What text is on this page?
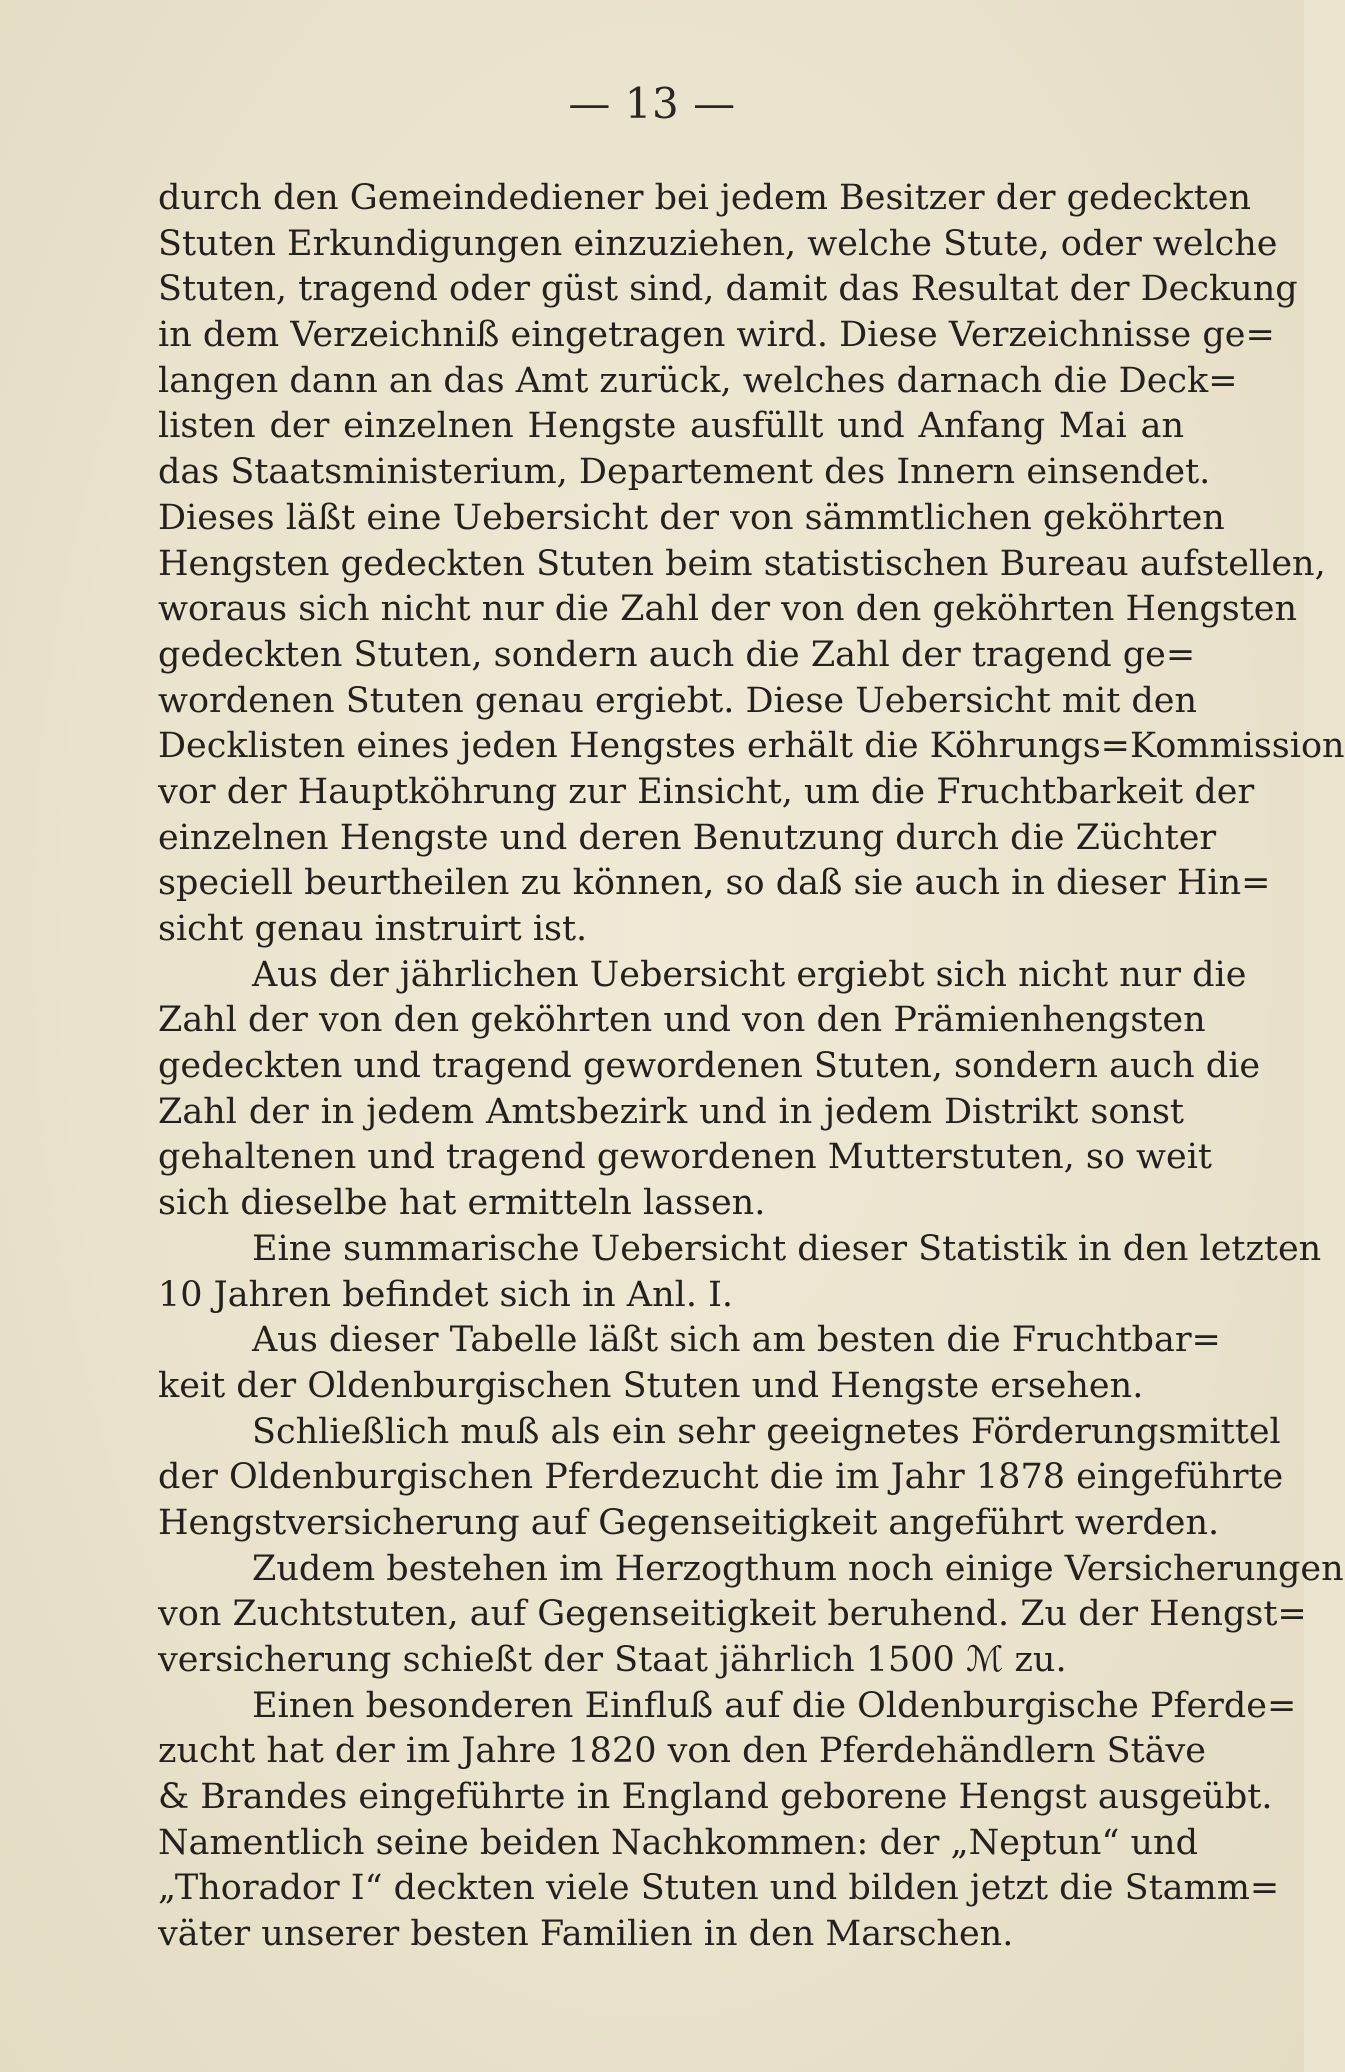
— 13 —
durch den Gemeindediener bei jedem Besitzer der gedeckten
Stuten Erkundigungen einzuziehen, welche Stute, oder welche
Stuten, tragend oder güst sind, damit das Resultat der Deckung
in dem Verzeichniß eingetragen wird. Diese Verzeichnisse ge=
langen dann an das Amt zurück, welches darnach die Deck=
listen der einzelnen Hengste ausfüllt und Anfang Mai an
das Staatsministerium, Departement des Innern einsendet.
Dieses läßt eine Uebersicht der von sämmtlichen geköhrten
Hengsten gedeckten Stuten beim statistischen Bureau aufstellen,
woraus sich nicht nur die Zahl der von den geköhrten Hengsten
gedeckten Stuten, sondern auch die Zahl der tragend ge=
wordenen Stuten genau ergiebt. Diese Uebersicht mit den
Decklisten eines jeden Hengstes erhält die Köhrungs=Kommission
vor der Hauptköhrung zur Einsicht, um die Fruchtbarkeit der
einzelnen Hengste und deren Benutzung durch die Züchter
speciell beurtheilen zu können, so daß sie auch in dieser Hin=
sicht genau instruirt ist.
Aus der jährlichen Uebersicht ergiebt sich nicht nur die
Zahl der von den geköhrten und von den Prämienhengsten
gedeckten und tragend gewordenen Stuten, sondern auch die
Zahl der in jedem Amtsbezirk und in jedem Distrikt sonst
gehaltenen und tragend gewordenen Mutterstuten, so weit
sich dieselbe hat ermitteln lassen.
Eine summarische Uebersicht dieser Statistik in den letzten
10 Jahren befindet sich in Anl. I.
Aus dieser Tabelle läßt sich am besten die Fruchtbar=
keit der Oldenburgischen Stuten und Hengste ersehen.
Schließlich muß als ein sehr geeignetes Förderungsmittel
der Oldenburgischen Pferdezucht die im Jahr 1878 eingeführte
Hengstversicherung auf Gegenseitigkeit angeführt werden.
Zudem bestehen im Herzogthum noch einige Versicherungen
von Zuchtstuten, auf Gegenseitigkeit beruhend. Zu der Hengst=
versicherung schießt der Staat jährlich 1500 ℳ zu.
Einen besonderen Einfluß auf die Oldenburgische Pferde=
zucht hat der im Jahre 1820 von den Pferdehändlern Stäve
& Brandes eingeführte in England geborene Hengst ausgeübt.
Namentlich seine beiden Nachkommen: der „Neptun“ und
„Thorador I“ deckten viele Stuten und bilden jetzt die Stamm=
väter unserer besten Familien in den Marschen.
